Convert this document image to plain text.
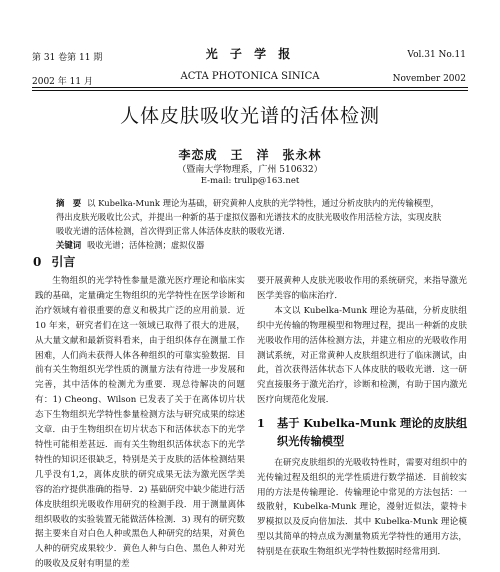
第 31 卷第 11 期
2002 年 11 月
光 子 学 报
ACTA PHOTONICA SINICA
Vol.31 No.11
November 2002
人体皮肤吸收光谱的活体检测
李恋成　王　洋　张永林
（暨南大学物理系，广州 510632）
E-mail: trulip@163.net

摘　要 以 Kubelka-Munk 理论为基础，研究黄种人皮肤的光学特性，通过分析皮肤内的光传输模型，得出皮肤光吸收比公式，并提出一种新的基于虚拟仪器和光谱技术的皮肤光吸收作用活检方法，实现皮肤吸收光谱的活体检测，首次得到正常人体活体皮肤的吸收光谱．

关键词 吸收光谱；活体检测；虚拟仪器
0 引言

生物组织的光学特性参量是激光医疗理论和临床实践的基础，定量确定生物组织的光学特性在医学诊断和治疗领域有着很重要的意义和极其广泛的应用前景．近 10 年来，研究者们在这一领域已取得了很大的进展，从大量文献和最新资料看来，由于组织体存在测量工作困难，人们尚未获得人体各种组织的可靠实验数据．目前有关生物组织光学性质的测量方法有待进一步发展和完善，其中活体的检测尤为重要．现总待解决的问题有：1) Cheong、Wilson 已发表了关于在离体切片状态下生物组织光学特性参量检测方法与研究成果的综述文章．由于生物组织在切片状态下和活体状态下的光学特性可能相差甚远．而有关生物组织活体状态下的光学特性的知识还很缺乏，特别是关于皮肤的活体检测结果几乎没有1,2，离体皮肤的研究成果无法为激光医学美容的治疗提供准确的指导．2) 基础研究中缺少能进行活体皮肤组织光吸收作用研究的检测手段．用于测量离体组织吸收的实验装置无能做活体检测．3) 现有的研究数据主要来自对白色人种或黑色人种研究的结果，对黄色人种的研究成果较少．黄色人种与白色、黑色人种对光的吸收及反射有明显的差

要开展黄种人皮肤光吸收作用的系统研究，来指导激光医学美容的临床治疗．

本文以 Kubelka-Munk 理论为基础，分析皮肤组织中光传输的物理模型和物理过程，提出一种新的皮肤光吸收作用的活体检测方法，并建立相应的光吸收作用测试系统，对正常黄种人皮肤组织进行了临床测试，由此，首次获得活体状态下人体皮肤的吸收光谱．这一研究直接服务于激光治疗，诊断和检测，有助于国内激光医疗向规范化发展．

1	基于 Kubelka-Munk 理论的皮肤组织光传输模型

在研究皮肤组织的光吸收特性时，需要对组织中的光传输过程及组织的光学性质进行数学描述．目前较实用的方法是传输理论．传输理论中常见的方法包括：一级散射，Kubelka-Munk 理论，漫射近似法，蒙特卡罗模拟以及反向倍加法．其中 Kubelka-Munk 理论模型以其简单的特点成为测量物质光学特性的通用方法，特别是在获取生物组织光学特性数据时经常用到．
